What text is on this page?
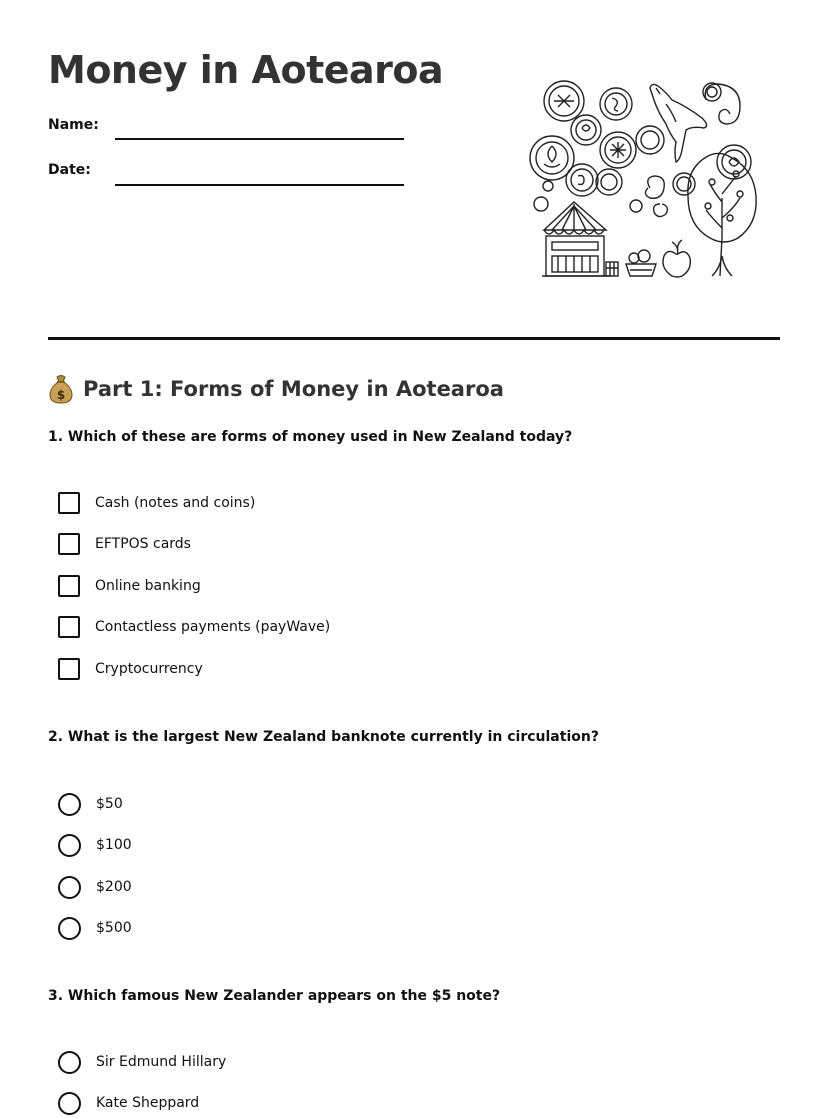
Money in Aotearoa
Name:
Date:
$ Part 1: Forms of Money in Aotearoa
1. Which of these are forms of money used in New Zealand today?
Cash (notes and coins)
EFTPOS cards
Online banking
Contactless payments (payWave)
Cryptocurrency
2. What is the largest New Zealand banknote currently in circulation?
$50
$100
$200
$500
3. Which famous New Zealander appears on the $5 note?
Sir Edmund Hillary
Kate Sheppard
